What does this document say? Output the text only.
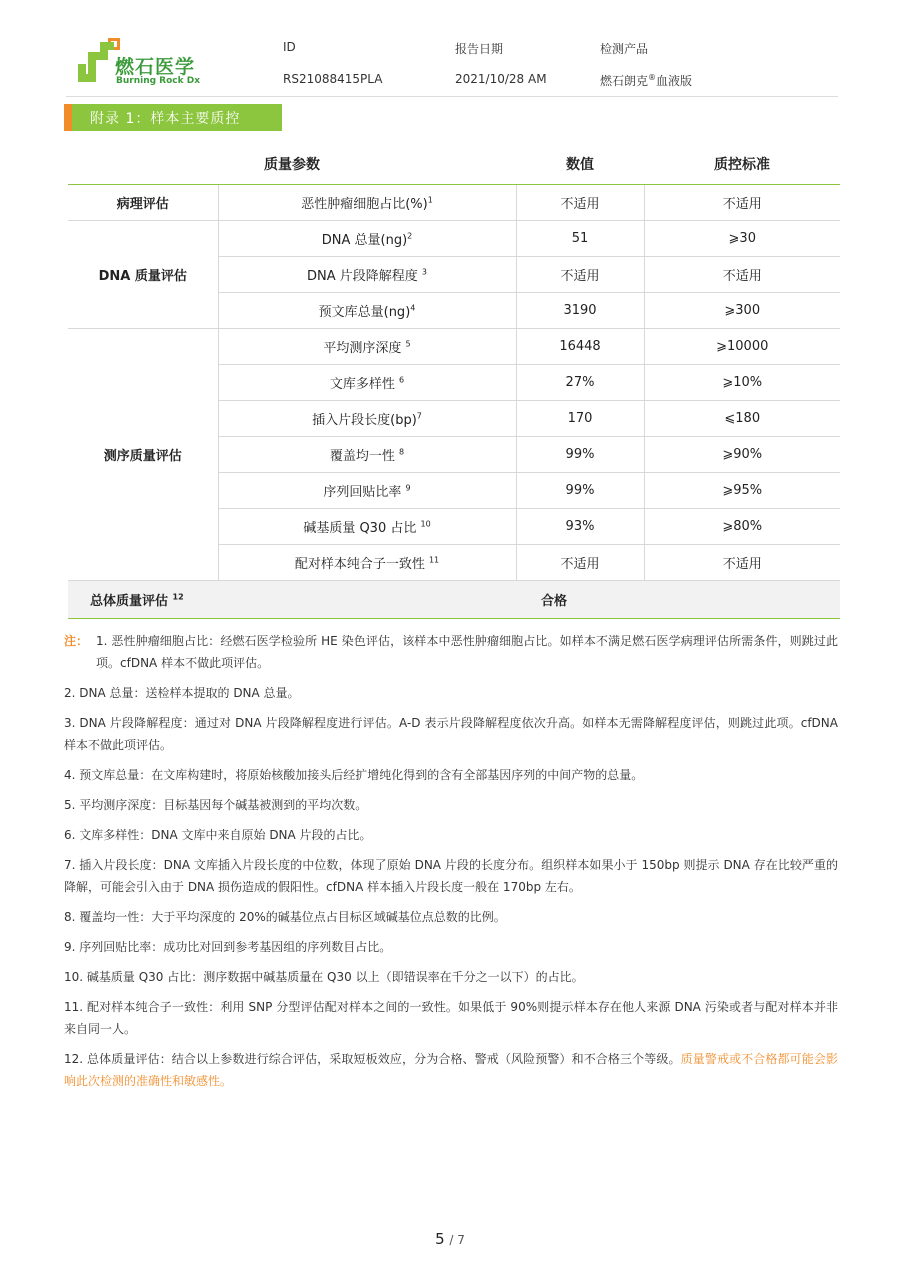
燃石医学
Burning Rock Dx
ID
RS21088415PLA
报告日期
2021/10/28 AM
检测产品
燃石朗克®血液版
附录 1：样本主要质控
质量参数		数值	质控标准
病理评估	恶性肿瘤细胞占比(%)$^1$	不适用	不适用
DNA 质量评估	DNA 总量(ng)$^2$	51	⩾30
	DNA 片段降解程度 $^3$	不适用	不适用
	预文库总量(ng)$^4$	3190	⩾300
测序质量评估	平均测序深度 $^5$	16448	⩾10000
	文库多样性 $^6$	27%	⩾10%
	插入片段长度(bp)$^7$	170	⩽180
	覆盖均一性 $^8$	99%	⩾90%
	序列回贴比率 $^9$	99%	⩾95%
	碱基质量 Q30 占比 $^{10}$	93%	⩾80%
	配对样本纯合子一致性 $^{11}$	不适用	不适用
总体质量评估 $^{12}$		合格	
注： 1. 恶性肿瘤细胞占比：经燃石医学检验所 HE 染色评估，该样本中恶性肿瘤细胞占比。如样本不满足燃石医学病理评估所需条件，则跳过此项。cfDNA 样本不做此项评估。
2. DNA 总量：送检样本提取的 DNA 总量。
3. DNA 片段降解程度：通过对 DNA 片段降解程度进行评估。A-D 表示片段降解程度依次升高。如样本无需降解程度评估，则跳过此项。cfDNA 样本不做此项评估。
4. 预文库总量：在文库构建时，将原始核酸加接头后经扩增纯化得到的含有全部基因序列的中间产物的总量。
5. 平均测序深度：目标基因每个碱基被测到的平均次数。
6. 文库多样性：DNA 文库中来自原始 DNA 片段的占比。
7. 插入片段长度：DNA 文库插入片段长度的中位数，体现了原始 DNA 片段的长度分布。组织样本如果小于 150bp 则提示 DNA 存在比较严重的降解，可能会引入由于 DNA 损伤造成的假阳性。cfDNA 样本插入片段长度一般在 170bp 左右。
8. 覆盖均一性：大于平均深度的 20%的碱基位点占目标区域碱基位点总数的比例。
9. 序列回贴比率：成功比对回到参考基因组的序列数目占比。
10. 碱基质量 Q30 占比：测序数据中碱基质量在 Q30 以上（即错误率在千分之一以下）的占比。
11. 配对样本纯合子一致性：利用 SNP 分型评估配对样本之间的一致性。如果低于 90%则提示样本存在他人来源 DNA 污染或者与配对样本并非来自同一人。
12. 总体质量评估：结合以上参数进行综合评估，采取短板效应，分为合格、警戒（风险预警）和不合格三个等级。质量警戒或不合格都可能会影响此次检测的准确性和敏感性。
5 / 7
